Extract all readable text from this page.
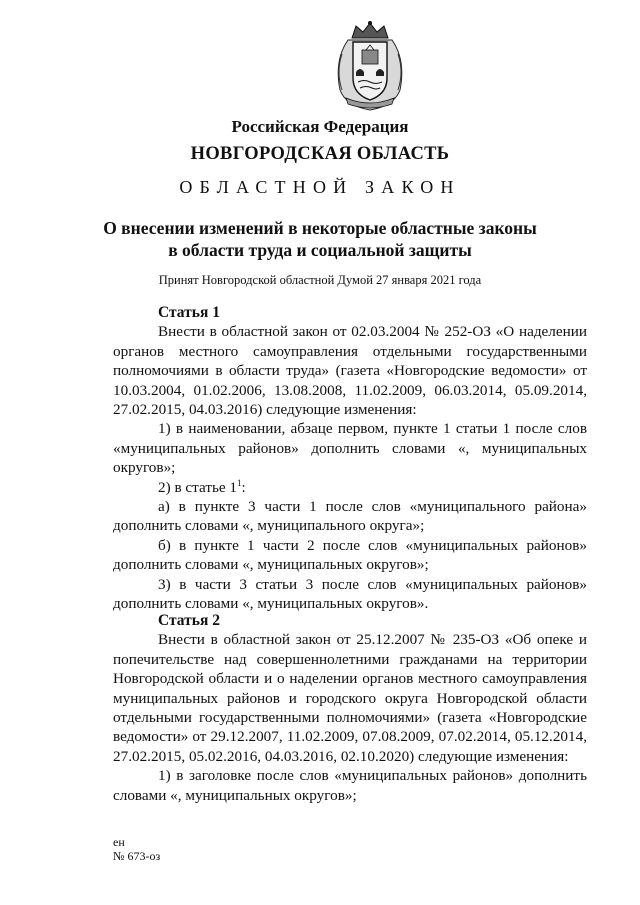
Российская Федерация
НОВГОРОДСКАЯ ОБЛАСТЬ
ОБЛАСТНОЙ ЗАКОН
О внесении изменений в некоторые областные законы
в области труда и социальной защиты
Принят Новгородской областной Думой 27 января 2021 года

Статья 1

Внести в областной закон от 02.03.2004 № 252-ОЗ «О наделении органов местного самоуправления отдельными государственными полномочиями в области труда» (газета «Новгородские ведомости» от 10.03.2004, 01.02.2006, 13.08.2008, 11.02.2009, 06.03.2014, 05.09.2014, 27.02.2015, 04.03.2016) следующие изменения:

1) в наименовании, абзаце первом, пункте 1 статьи 1 после слов «муниципальных районов» дополнить словами «, муниципальных округов»;

2) в статье $1^1$:

а) в пункте 3 части 1 после слов «муниципального района» дополнить словами «, муниципального округа»;

б) в пункте 1 части 2 после слов «муниципальных районов» дополнить словами «, муниципальных округов»;

3) в части 3 статьи 3 после слов «муниципальных районов» дополнить словами «, муниципальных округов».

Статья 2

Внести в областной закон от 25.12.2007 № 235-ОЗ «Об опеке и попечительстве над совершеннолетними гражданами на территории Новгородской области и о наделении органов местного самоуправления муниципальных районов и городского округа Новгородской области отдельными государственными полномочиями» (газета «Новгородские ведомости» от 29.12.2007, 11.02.2009, 07.08.2009, 07.02.2014, 05.12.2014, 27.02.2015, 05.02.2016, 04.03.2016, 02.10.2020) следующие изменения:

1) в заголовке после слов «муниципальных районов» дополнить словами «, муниципальных округов»;

ен
№ 673-оз
